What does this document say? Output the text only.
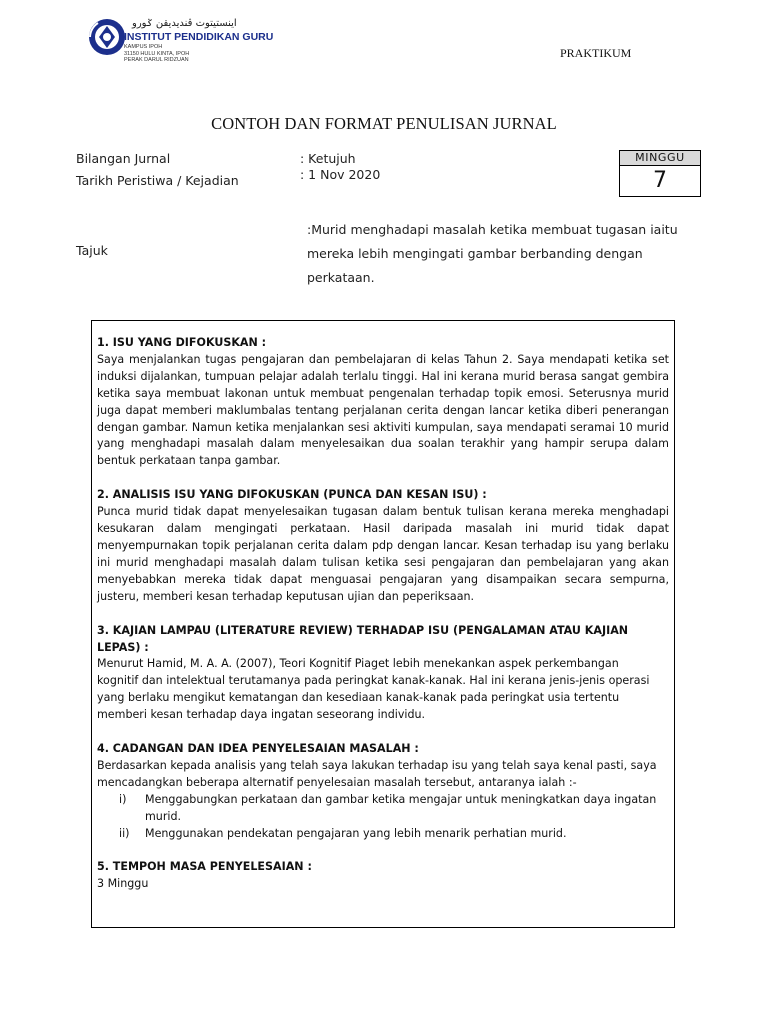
اينستيتوت ڤنديديقن ݢورو
INSTITUT PENDIDIKAN GURU
KAMPUS IPOH
31150 HULU KINTA, IPOH
PERAK DARUL RIDZUAN	PRAKTIKUM
CONTOH DAN FORMAT PENULISAN JURNAL
Bilangan Jurnal	: Ketujuh
Tarikh Peristiwa / Kejadian	: 1 Nov 2020
MINGGU
7
Tajuk
:Murid menghadapi masalah ketika membuat tugasan iaitu mereka lebih mengingati gambar berbanding dengan perkataan.

1. ISU YANG DIFOKUSKAN :

Saya menjalankan tugas pengajaran dan pembelajaran di kelas Tahun 2. Saya mendapati ketika set induksi dijalankan, tumpuan pelajar adalah terlalu tinggi. Hal ini kerana murid berasa sangat gembira ketika saya membuat lakonan untuk membuat pengenalan terhadap topik emosi. Seterusnya murid juga dapat memberi maklumbalas tentang perjalanan cerita dengan lancar ketika diberi penerangan dengan gambar. Namun ketika menjalankan sesi aktiviti kumpulan, saya mendapati seramai 10 murid yang menghadapi masalah dalam menyelesaikan dua soalan terakhir yang hampir serupa dalam bentuk perkataan tanpa gambar.

2. ANALISIS ISU YANG DIFOKUSKAN (PUNCA DAN KESAN ISU) :

Punca murid tidak dapat menyelesaikan tugasan dalam bentuk tulisan kerana mereka menghadapi kesukaran dalam mengingati perkataan. Hasil daripada masalah ini murid tidak dapat menyempurnakan topik perjalanan cerita dalam pdp dengan lancar. Kesan terhadap isu yang berlaku ini murid menghadapi masalah dalam tulisan ketika sesi pengajaran dan pembelajaran yang akan menyebabkan mereka tidak dapat menguasai pengajaran yang disampaikan secara sempurna, justeru, memberi kesan terhadap keputusan ujian dan peperiksaan.

3. KAJIAN LAMPAU (LITERATURE REVIEW) TERHADAP ISU (PENGALAMAN ATAU KAJIAN LEPAS) :

Menurut Hamid, M. A. A. (2007), Teori Kognitif Piaget lebih menekankan aspek perkembangan

kognitif dan intelektual terutamanya pada peringkat kanak-kanak. Hal ini kerana jenis-jenis operasi

yang berlaku mengikut kematangan dan kesediaan kanak-kanak pada peringkat usia tertentu

memberi kesan terhadap daya ingatan seseorang individu.

4. CADANGAN DAN IDEA PENYELESAIAN MASALAH :

Berdasarkan kepada analisis yang telah saya lakukan terhadap isu yang telah saya kenal pasti, saya

mencadangkan beberapa alternatif penyelesaian masalah tersebut, antaranya ialah :-

i) Menggabungkan perkataan dan gambar ketika mengajar untuk meningkatkan daya ingatan murid.
ii) Menggunakan pendekatan pengajaran yang lebih menarik perhatian murid.

5. TEMPOH MASA PENYELESAIAN :

3 Minggu
